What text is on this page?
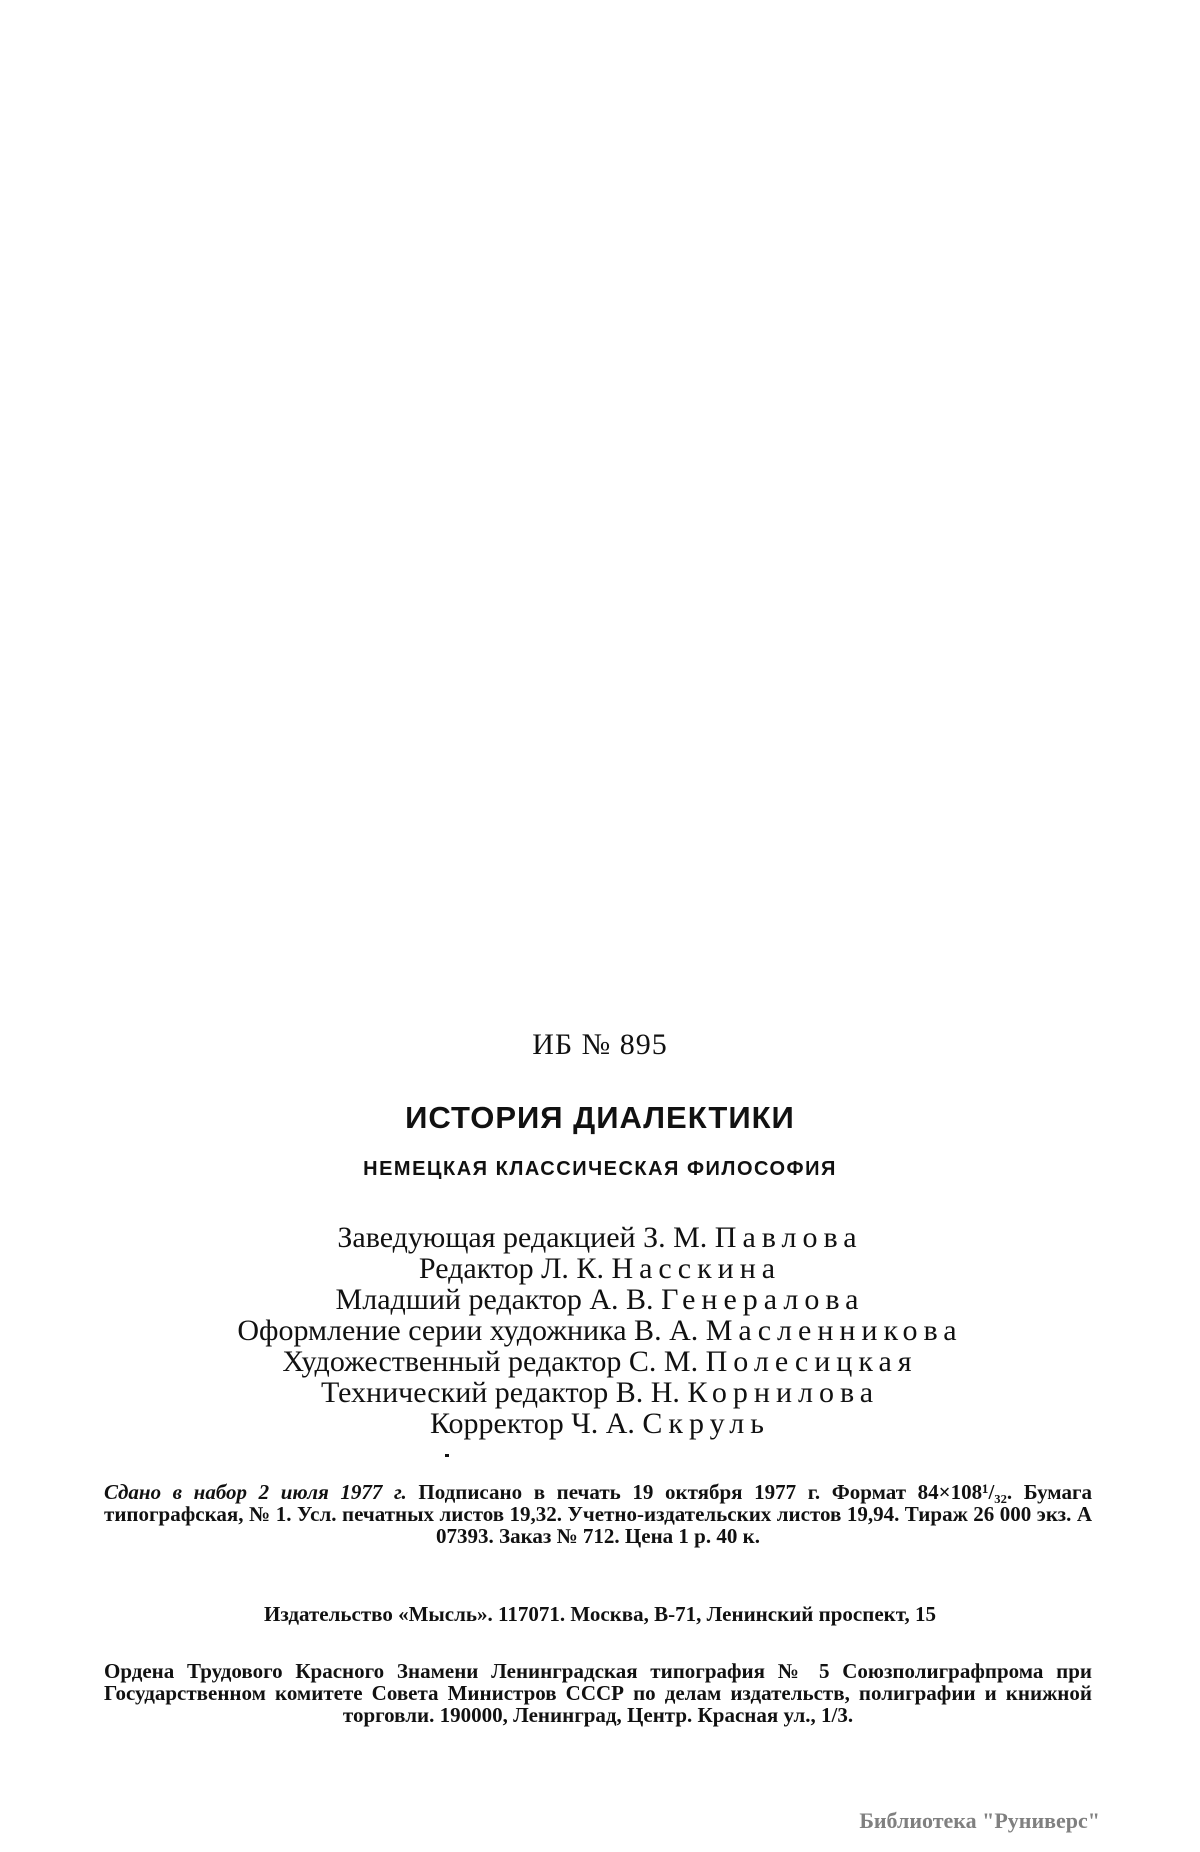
ИБ № 895
ИСТОРИЯ ДИАЛЕКТИКИ
НЕМЕЦКАЯ КЛАССИЧЕСКАЯ ФИЛОСОФИЯ
Заведующая редакцией З. М. Павлова
Редактор Л. К. Насскина
Младший редактор А. В. Генералова
Оформление серии художника В. А. Масленникова
Художественный редактор С. М. Полесицкая
Технический редактор В. Н. Корнилова
Корректор Ч. А. Скруль
Сдано в набор 2 июля 1977 г. Подписано в печать 19 октября 1977 г. Формат 84×108¹/₃₂. Бумага типографская, № 1. Усл. печатных листов 19,32. Учетно-издательских листов 19,94. Тираж 26 000 экз. А 07393. Заказ № 712. Цена 1 р. 40 к.
Издательство «Мысль». 117071. Москва, В-71, Ленинский проспект, 15
Ордена Трудового Красного Знамени Ленинградская типография № 5 Союзполиграфпрома при Государственном комитете Совета Министров СССР по делам издательств, полиграфии и книжной торговли. 190000, Ленинград, Центр. Красная ул., 1/3.
Библиотека "Руниверс"
